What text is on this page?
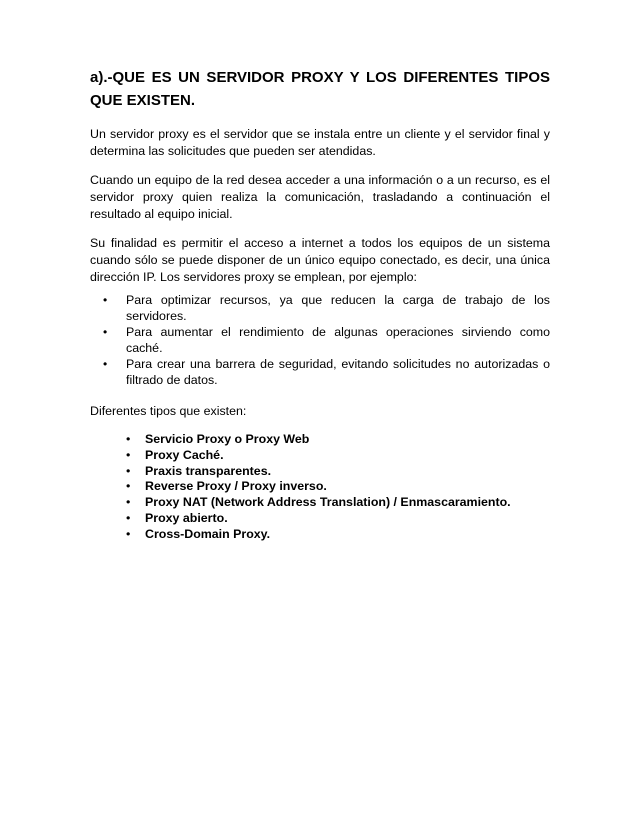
a).-QUE ES UN SERVIDOR PROXY Y LOS DIFERENTES TIPOS
QUE EXISTEN.

Un servidor proxy es el servidor que se instala entre un cliente y el servidor final y determina las solicitudes que pueden ser atendidas.

Cuando un equipo de la red desea acceder a una información o a un recurso, es el servidor proxy quien realiza la comunicación, trasladando a continuación el resultado al equipo inicial.

Su finalidad es permitir el acceso a internet a todos los equipos de un sistema cuando sólo se puede disponer de un único equipo conectado, es decir, una única dirección IP. Los servidores proxy se emplean, por ejemplo:

• Para optimizar recursos, ya que reducen la carga de trabajo de los servidores.
• Para aumentar el rendimiento de algunas operaciones sirviendo como caché.
• Para crear una barrera de seguridad, evitando solicitudes no autorizadas o filtrado de datos.

Diferentes tipos que existen:

• Servicio Proxy o Proxy Web
• Proxy Caché.
• Praxis transparentes.
• Reverse Proxy / Proxy inverso.
• Proxy NAT (Network Address Translation) / Enmascaramiento.
• Proxy abierto.
• Cross-Domain Proxy.
